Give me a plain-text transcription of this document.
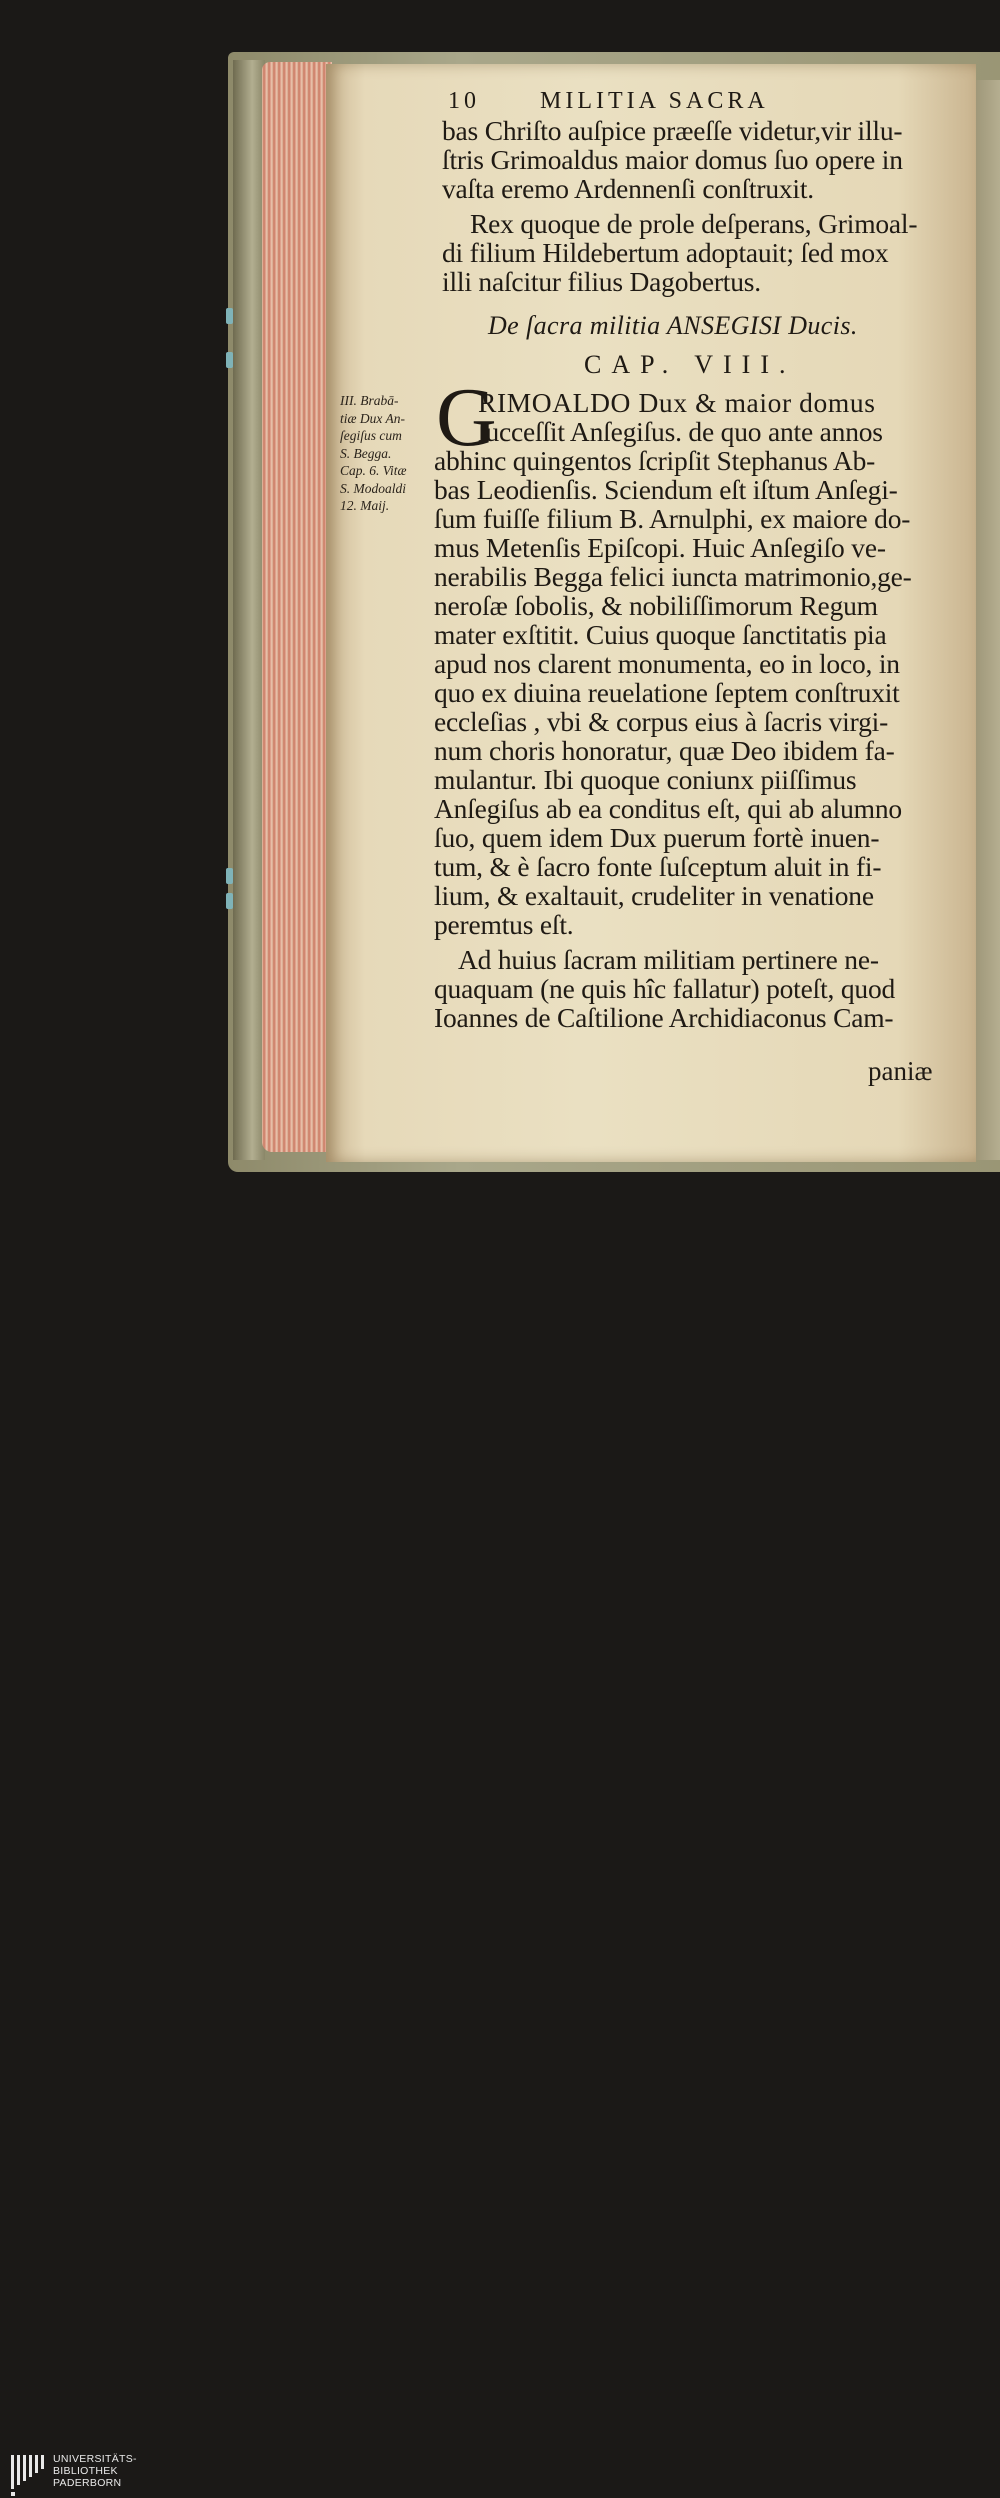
10	MILITIA SACRA
bas Chriſto auſpice præeſſe videtur,vir illu-
ſtris Grimoaldus maior domus ſuo opere in
vaſta eremo Ardennenſi conſtruxit.
Rex quoque de prole deſperans, Grimoal-
di filium Hildebertum adoptauit; ſed mox
illi naſcitur filius Dagobertus.
De ſacra militia ANSEGISI Ducis.
CAP. VIII.
G
RIMOALDO Dux & maior domus
ſucceſſit Anſegiſus. de quo ante annos
abhinc quingentos ſcripſit Stephanus Ab-
bas Leodienſis. Sciendum eſt iſtum Anſegi-
ſum fuiſſe filium B. Arnulphi, ex maiore do-
mus Metenſis Epiſcopi. Huic Anſegiſo ve-
nerabilis Begga felici iuncta matrimonio,ge-
neroſæ ſobolis, & nobiliſſimorum Regum
mater exſtitit. Cuius quoque ſanctitatis pia
apud nos clarent monumenta, eo in loco, in
quo ex diuina reuelatione ſeptem conſtruxit
eccleſias , vbi & corpus eius à ſacris virgi-
num choris honoratur, quæ Deo ibidem fa-
mulantur. Ibi quoque coniunx piiſſimus
Anſegiſus ab ea conditus eſt, qui ab alumno
ſuo, quem idem Dux puerum fortè inuen-
tum, & è ſacro fonte ſuſceptum aluit in fi-
lium, & exaltauit, crudeliter in venatione
peremtus eſt.
Ad huius ſacram militiam pertinere ne-
quaquam (ne quis hîc fallatur) poteſt, quod
Ioannes de Caſtilione Archidiaconus Cam-
paniæ
III. Brabā-
tiæ Dux An-
ſegiſus cum
S. Begga.
Cap. 6. Vitæ
S. Modoaldi
12. Maij.
UNIVERSITÄTS-
BIBLIOTHEK
PADERBORN
